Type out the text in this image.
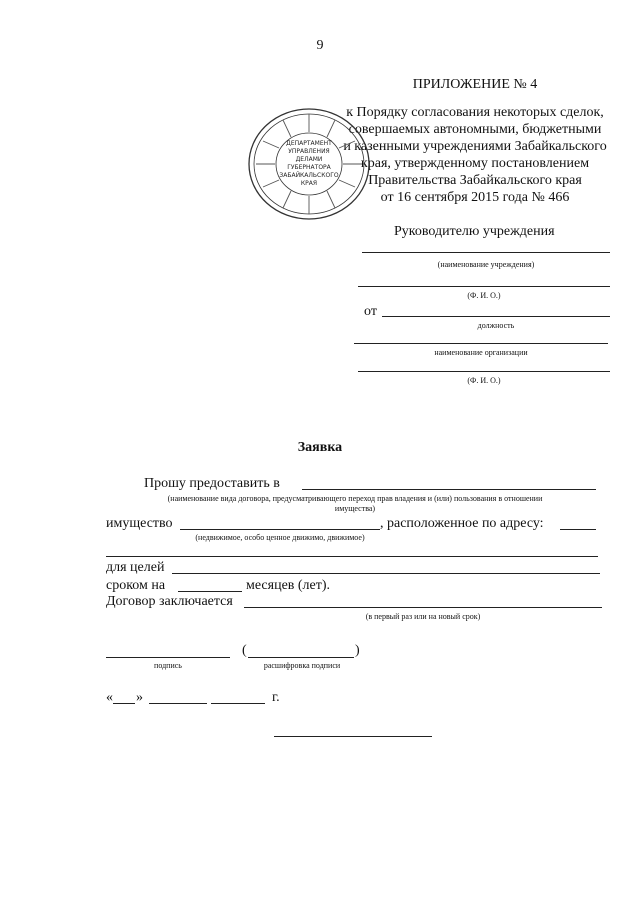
9
ПРИЛОЖЕНИЕ № 4
к Порядку согласования некоторых сделок,
совершаемых автономными, бюджетными
и казенными учреждениями Забайкальского
края, утвержденному постановлением
Правительства Забайкальского края
от 16 сентября 2015 года № 466
ДЕПАРТАМЕНТ
УПРАВЛЕНИЯ
ДЕЛАМИ
ГУБЕРНАТОРА
ЗАБАЙКАЛЬСКОГО
КРАЯ
Руководителю учреждения
(наименование учреждения)
(Ф. И. О.)
от
должность
наименование организации
(Ф. И. О.)
Заявка
Прошу предоставить в
(наименование вида договора, предусматривающего переход прав владения и (или) пользования в отношении
имущества)
имущество	, расположенное по адресу:
(недвижимое, особо ценное движимо, движимое)
для целей
сроком на	месяцев (лет).
Договор заключается
(в первый раз или на новый срок)
подпись
(	)
расшифровка подписи
« »	г.
